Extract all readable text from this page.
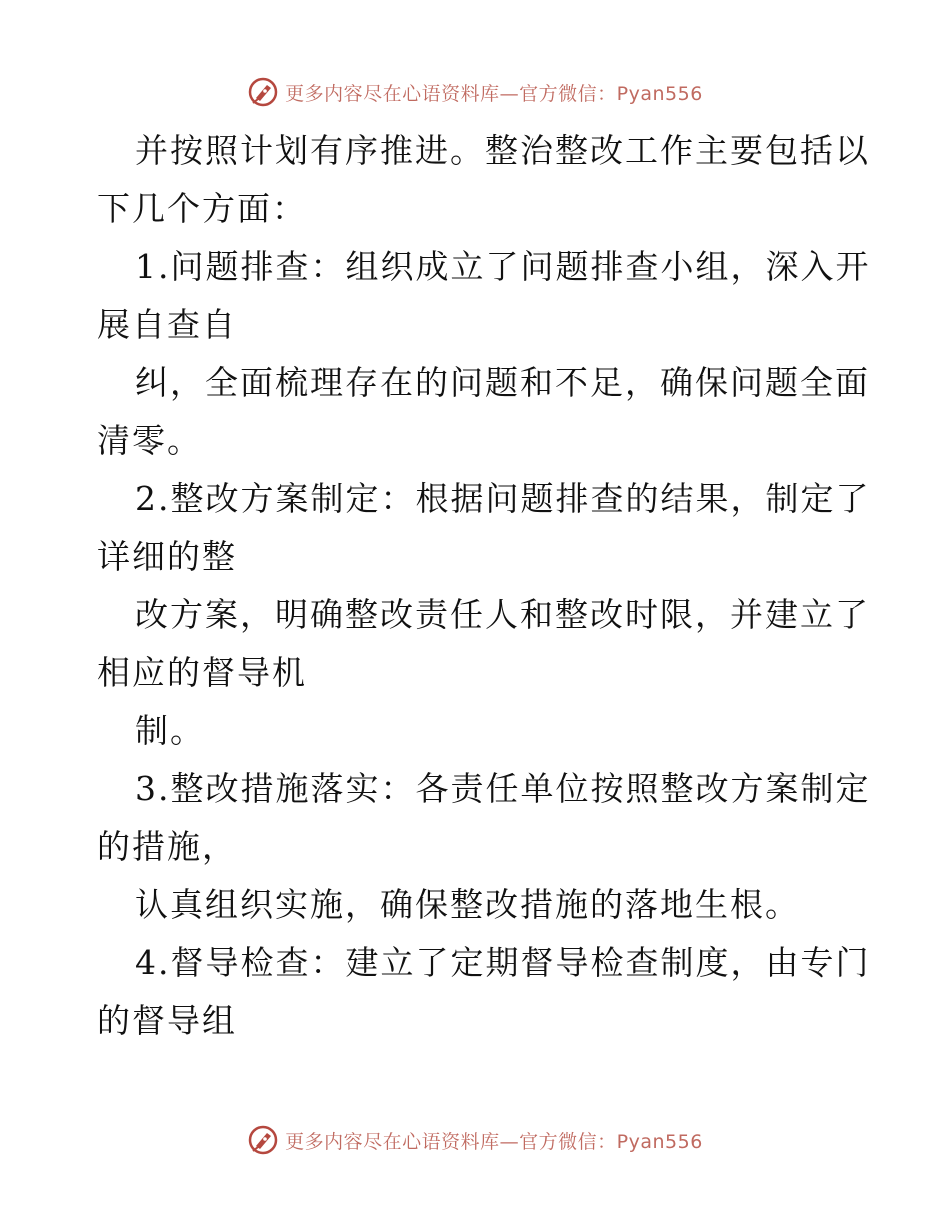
更多内容尽在心语资料库—官方微信：Pyan556

并按照计划有序推进。整治整改工作主要包括以

下几个方面：

1.问题排查：组织成立了问题排查小组，深入开

展自查自

纠，全面梳理存在的问题和不足，确保问题全面

清零。

2.整改方案制定：根据问题排查的结果，制定了

详细的整

改方案，明确整改责任人和整改时限，并建立了

相应的督导机

制。

3.整改措施落实：各责任单位按照整改方案制定

的措施，

认真组织实施，确保整改措施的落地生根。

4.督导检查：建立了定期督导检查制度，由专门

的督导组

更多内容尽在心语资料库—官方微信：Pyan556
